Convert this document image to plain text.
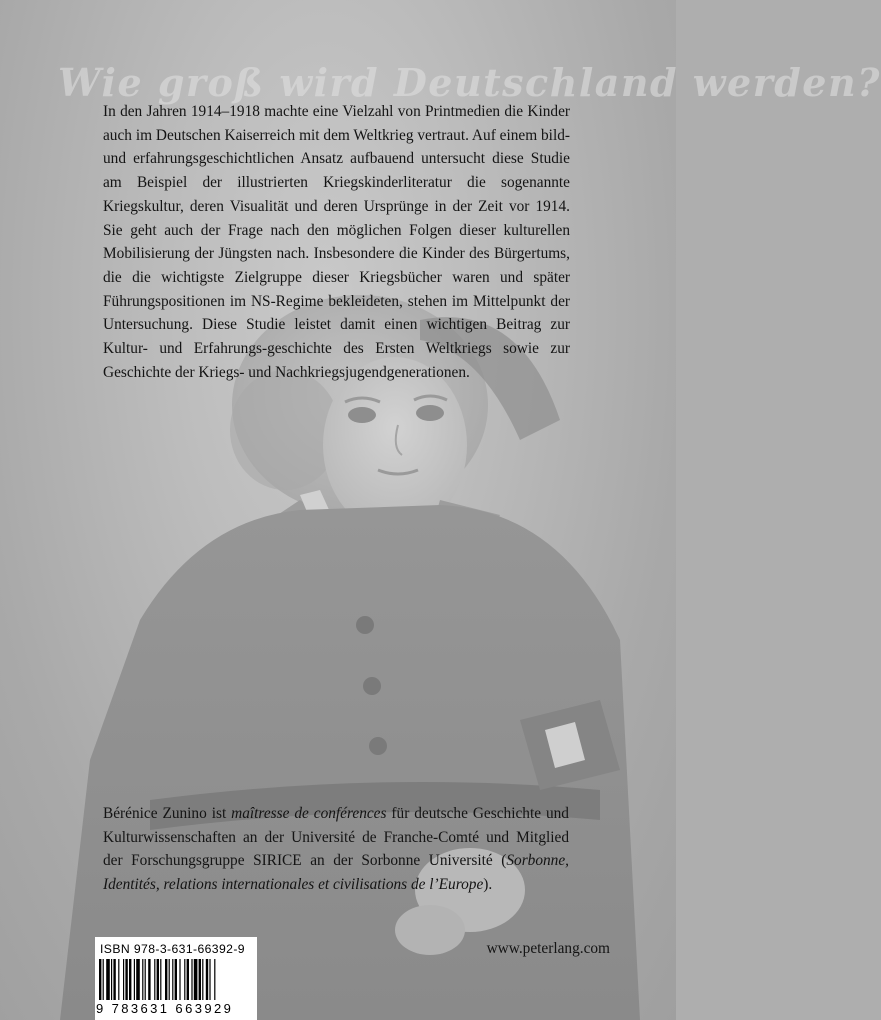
Wie groß wird Deutschland werden?

In den Jahren 1914–1918 machte eine Vielzahl von Printmedien die Kinder auch im Deutschen Kaiserreich mit dem Weltkrieg vertraut. Auf einem bild-und erfahrungsgeschichtlichen Ansatz aufbauend untersucht diese Studie am Beispiel der illustrierten Kriegskinderliteratur die sogenannte Kriegskultur, deren Visualität und deren Ursprünge in der Zeit vor 1914. Sie geht auch der Frage nach den möglichen Folgen dieser kulturellen Mobilisierung der Jüngsten nach. Insbesondere die Kinder des Bürgertums, die die wichtigste Zielgruppe dieser Kriegsbücher waren und später Führungspositionen im NS-Regime bekleideten, stehen im Mittelpunkt der Untersuchung. Diese Studie leistet damit einen wichtigen Beitrag zur Kultur- und Erfahrungs-geschichte des Ersten Weltkriegs sowie zur Geschichte der Kriegs- und Nachkriegsjugendgenerationen.

Bérénice Zunino ist maîtresse de conférences für deutsche Geschichte und Kulturwissenschaften an der Université de Franche-Comté und Mitglied der Forschungsgruppe SIRICE an der Sorbonne Université (Sorbonne, Identités, relations internationales et civilisations de l’Europe).

ISBN 978-3-631-66392-9
9 783631 663929
www.peterlang.com
